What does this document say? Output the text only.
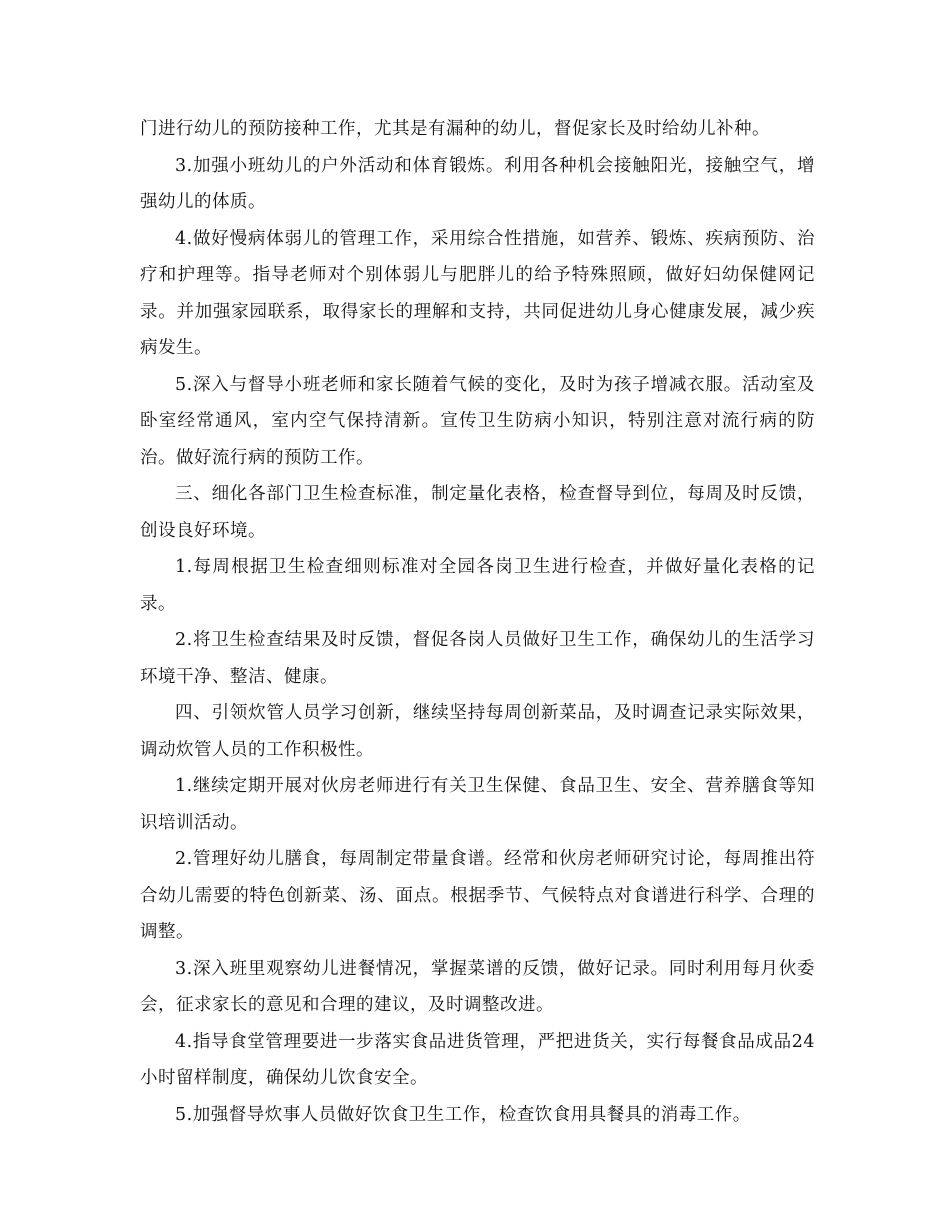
门进行幼儿的预防接种工作，尤其是有漏种的幼儿，督促家长及时给幼儿补种。

3.加强小班幼儿的户外活动和体育锻炼。利用各种机会接触阳光，接触空气，增强幼儿的体质。

4.做好慢病体弱儿的管理工作，采用综合性措施，如营养、锻炼、疾病预防、治疗和护理等。指导老师对个别体弱儿与肥胖儿的给予特殊照顾，做好妇幼保健网记录。并加强家园联系，取得家长的理解和支持，共同促进幼儿身心健康发展，减少疾病发生。

5.深入与督导小班老师和家长随着气候的变化，及时为孩子增减衣服。活动室及卧室经常通风，室内空气保持清新。宣传卫生防病小知识，特别注意对流行病的防治。做好流行病的预防工作。

三、细化各部门卫生检查标准，制定量化表格，检查督导到位，每周及时反馈，创设良好环境。

1.每周根据卫生检查细则标准对全园各岗卫生进行检查，并做好量化表格的记录。

2.将卫生检查结果及时反馈，督促各岗人员做好卫生工作，确保幼儿的生活学习环境干净、整洁、健康。

四、引领炊管人员学习创新，继续坚持每周创新菜品，及时调查记录实际效果，调动炊管人员的工作积极性。

1.继续定期开展对伙房老师进行有关卫生保健、食品卫生、安全、营养膳食等知识培训活动。

2.管理好幼儿膳食，每周制定带量食谱。经常和伙房老师研究讨论，每周推出符合幼儿需要的特色创新菜、汤、面点。根据季节、气候特点对食谱进行科学、合理的调整。

3.深入班里观察幼儿进餐情况，掌握菜谱的反馈，做好记录。同时利用每月伙委会，征求家长的意见和合理的建议，及时调整改进。

4.指导食堂管理要进一步落实食品进货管理，严把进货关，实行每餐食品成品24小时留样制度，确保幼儿饮食安全。

5.加强督导炊事人员做好饮食卫生工作，检查饮食用具餐具的消毒工作。
